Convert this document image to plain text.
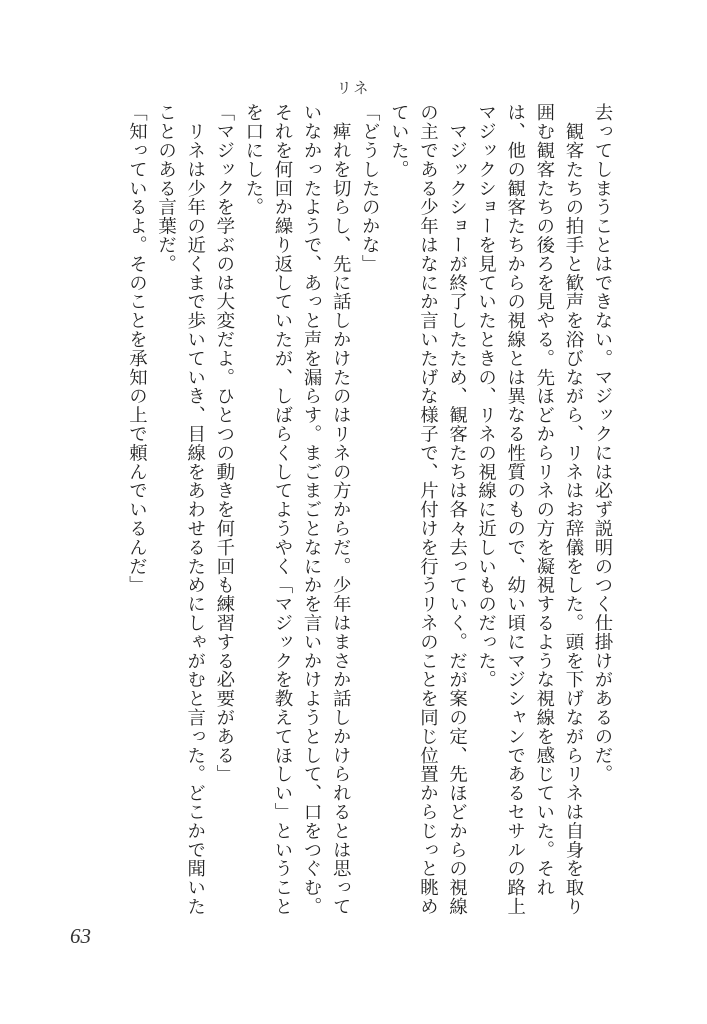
リネ
去ってしまうことはできない。マジックには必ず説明のつく仕掛けがあるのだ。
　観客たちの拍手と歓声を浴びながら、リネはお辞儀をした。頭を下げながらリネは自身を取り
囲む観客たちの後ろを見やる。先ほどからリネの方を凝視するような視線を感じていた。それ
は、他の観客たちからの視線とは異なる性質のもので、幼い頃にマジシャンであるセサルの路上
マジックショーを見ていたときの、リネの視線に近しいものだった。
　マジックショーが終了したため、観客たちは各々去っていく。だが案の定、先ほどからの視線
の主である少年はなにか言いたげな様子で、片付けを行うリネのことを同じ位置からじっと眺め
ていた。
「どうしたのかな」
　痺れを切らし、先に話しかけたのはリネの方からだ。少年はまさか話しかけられるとは思って
いなかったようで、あっと声を漏らす。まごまごとなにかを言いかけようとして、口をつぐむ。
それを何回か繰り返していたが、しばらくしてようやく「マジックを教えてほしい」ということ
を口にした。
「マジックを学ぶのは大変だよ。ひとつの動きを何千回も練習する必要がある」
　リネは少年の近くまで歩いていき、目線をあわせるためにしゃがむと言った。どこかで聞いた
ことのある言葉だ。
「知っているよ。そのことを承知の上で頼んでいるんだ」
63
